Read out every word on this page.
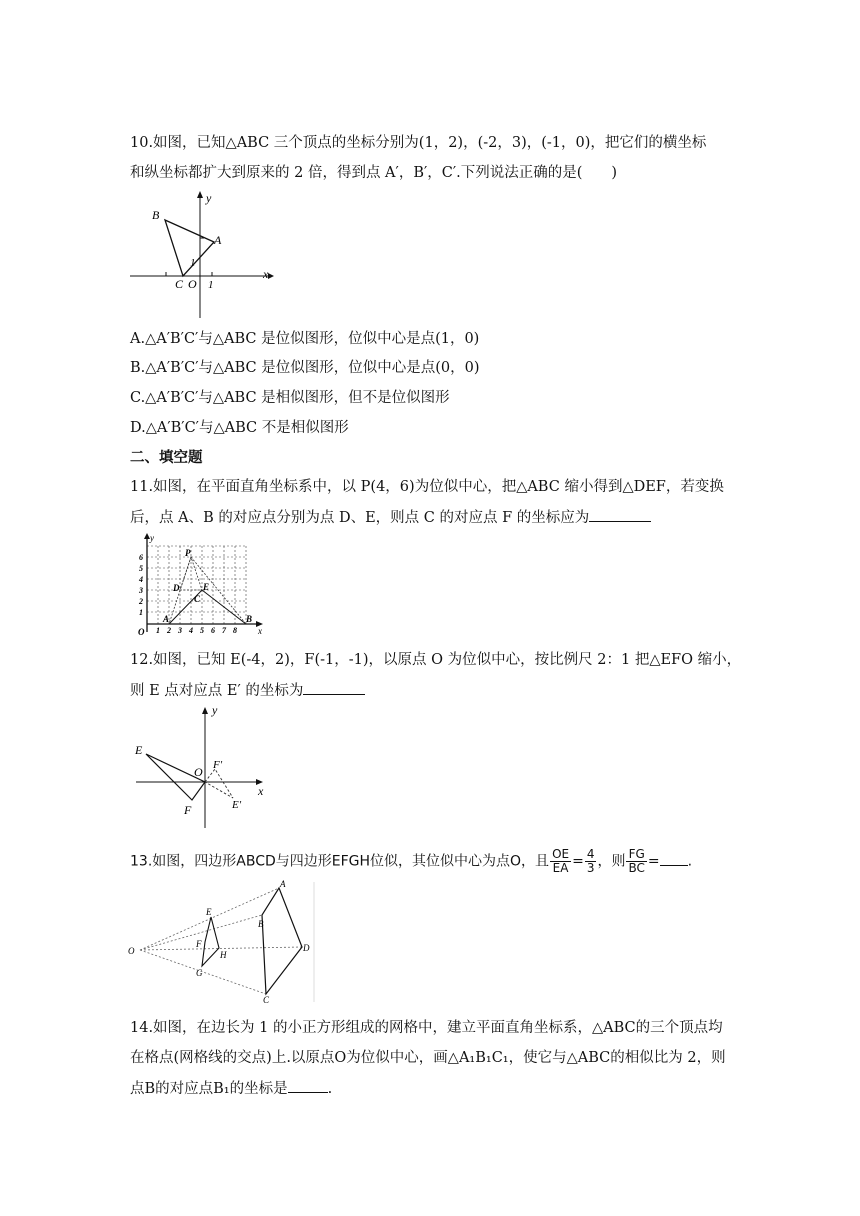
10.如图，已知△ABC 三个顶点的坐标分别为(1，2)，(-2，3)，(-1，0)，把它们的横坐标
和纵坐标都扩大到原来的 2 倍，得到点 A′，B′，C′.下列说法正确的是(　　)
y
x
B
A
C O 1
1
A.△A′B′C′与△ABC 是位似图形，位似中心是点(1，0)
B.△A′B′C′与△ABC 是位似图形，位似中心是点(0，0)
C.△A′B′C′与△ABC 是相似图形，但不是位似图形
D.△A′B′C′与△ABC 不是相似图形
二、填空题
11.如图，在平面直角坐标系中，以 P(4，6)为位似中心，把△ABC 缩小得到△DEF，若变换
后，点 A、B 的对应点分别为点 D、E，则点 C 的对应点 F 的坐标应为
y
x
O
P
D	E
C
A	B
1 2 3 4 5 6 7 8
1
2
3
4
5
6
12.如图，已知 E(-4，2)，F(-1，-1)，以原点 O 为位似中心，按比例尺 2：1 把△EFO 缩小，
则 E 点对应点 E′ 的坐标为
y
x
E
F
O F′
E′
13.如图，四边形ABCD与四边形EFGH位似，其位似中心为点O，且 $\frac{OE}{EA} = \frac{4}{3}$ ，则 $\frac{FG}{BC}$ = .
O
A
B
C
D
E
F
G
H
14.如图，在边长为 1 的小正方形组成的网格中，建立平面直角坐标系，△ABC的三个顶点均
在格点(网格线的交点)上.以原点O为位似中心，画△A₁B₁C₁，使它与△ABC的相似比为 2，则
点B的对应点B₁的坐标是	.
